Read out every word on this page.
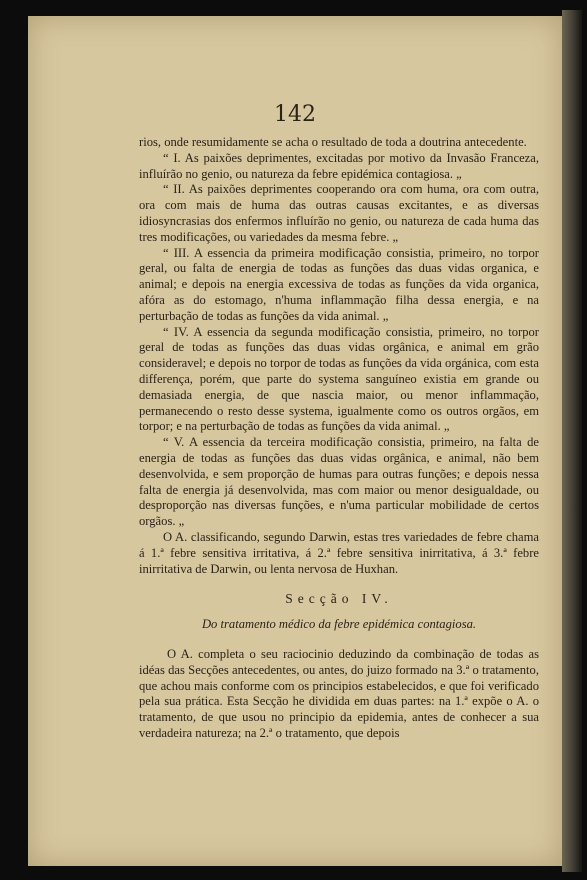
142

rios, onde resumidamente se acha o resultado de toda a doutrina antecedente.

“ I. As paixões deprimentes, excitadas por motivo da Invasão Franceza, influírão no genio, ou natureza da febre epidémica contagiosa. „

“ II. As paixões deprimentes cooperando ora com huma, ora com outra, ora com mais de huma das outras causas excitantes, e as diversas idiosyncrasias dos enfermos influírão no genio, ou natureza de cada huma das tres modificações, ou variedades da mesma febre. „

“ III. A essencia da primeira modificação consistia, primeiro, no torpor geral, ou falta de energia de todas as funções das duas vidas organica, e animal; e depois na energia excessiva de todas as funções da vida organica, afóra as do estomago, n'huma inflammação filha dessa energia, e na perturbação de todas as funções da vida animal. „

“ IV. A essencia da segunda modificação consistia, primeiro, no torpor geral de todas as funções das duas vidas orgânica, e animal em grão consideravel; e depois no torpor de todas as funções da vida orgánica, com esta differença, porém, que parte do systema sanguíneo existia em grande ou demasiada energia, de que nascia maior, ou menor inflammação, permanecendo o resto desse systema, igualmente como os outros orgãos, em torpor; e na perturbação de todas as funções da vida animal. „

“ V. A essencia da terceira modificação consistia, primeiro, na falta de energia de todas as funções das duas vidas orgânica, e animal, não bem desenvolvida, e sem proporção de humas para outras funções; e depois nessa falta de energia já desenvolvida, mas com maior ou menor desigualdade, ou desproporção nas diversas funções, e n'uma particular mobilidade de certos orgãos. „

O A. classificando, segundo Darwin, estas tres variedades de febre chama á 1.ª febre sensitiva irritativa, á 2.ª febre sensitiva inirritativa, á 3.ª febre inirritativa de Darwin, ou lenta nervosa de Huxhan.

Secção IV.

Do tratamento médico da febre epidémica contagiosa.

O A. completa o seu raciocinio deduzindo da combinação de todas as idéas das Secções antecedentes, ou antes, do juizo formado na 3.ª o tratamento, que achou mais conforme com os principios estabelecidos, e que foi verificado pela sua prática. Esta Secção he dividida em duas partes: na 1.ª expõe o A. o tratamento, de que usou no principio da epidemia, antes de conhecer a sua verdadeira natureza; na 2.ª o tratamento, que depois
